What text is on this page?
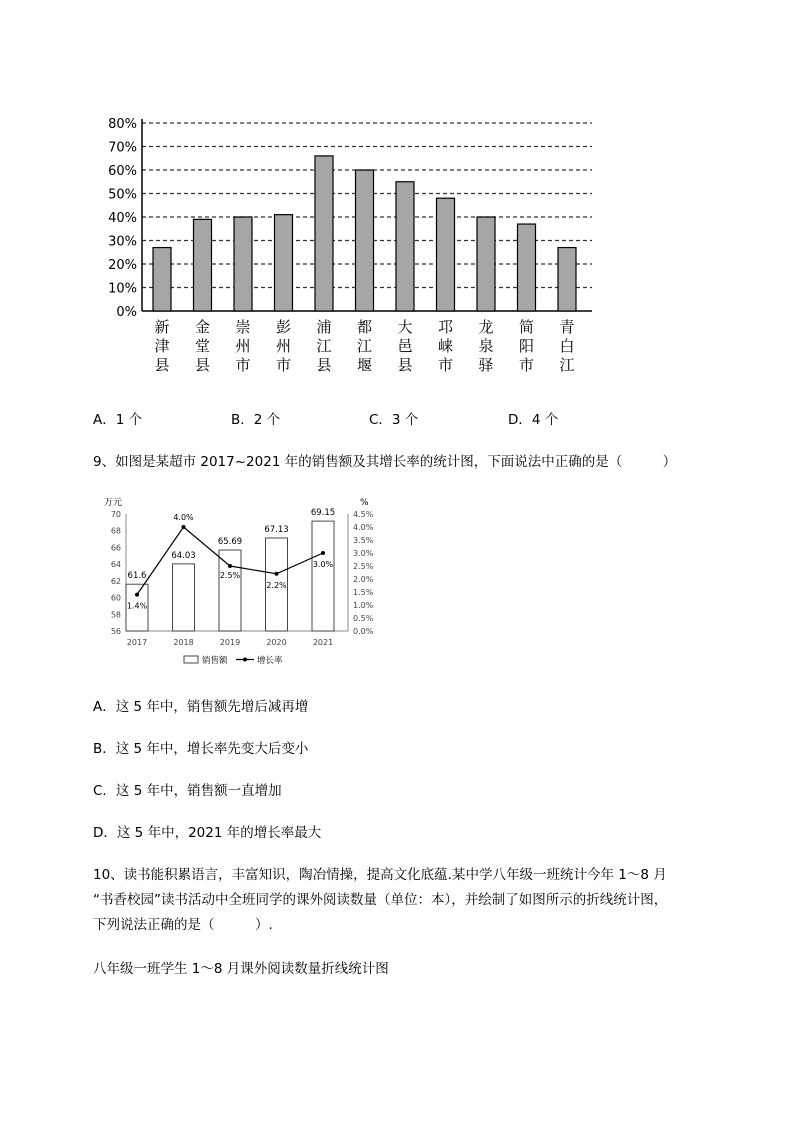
0%
10%
20%
30%
40%
50%
60%
70%
80%
新津县
金堂县
崇州市
彭州市
浦江县
都江堰
大邑县
邛崃市
龙泉驿
简阳市
青白江
A．1 个	B．2 个	C．3 个	D．4 个
9、如图是某超市 2017~2021 年的销售额及其增长率的统计图，下面说法中正确的是（　　　）
万元	%
56
58
60
62
64
66
68
70
0.0%
0.5%
1.0%
1.5%
2.0%
2.5%
3.0%
3.5%
4.0%
4.5%
61.6
2017
64.03
2018
65.69
2019
67.13
2020
69.15
2021
1.4%
4.0%
2.5%
2.2%
3.0%
销售额	增长率
A．这 5 年中，销售额先增后减再增
B．这 5 年中，增长率先变大后变小
C．这 5 年中，销售额一直增加
D．这 5 年中，2021 年的增长率最大
10、读书能积累语言，丰富知识，陶冶情操，提高文化底蕴.某中学八年级一班统计今年 1～8 月
“书香校园”读书活动中全班同学的课外阅读数量（单位：本），并绘制了如图所示的折线统计图，
下列说法正确的是（　　　）.
八年级一班学生 1～8 月课外阅读数量折线统计图
